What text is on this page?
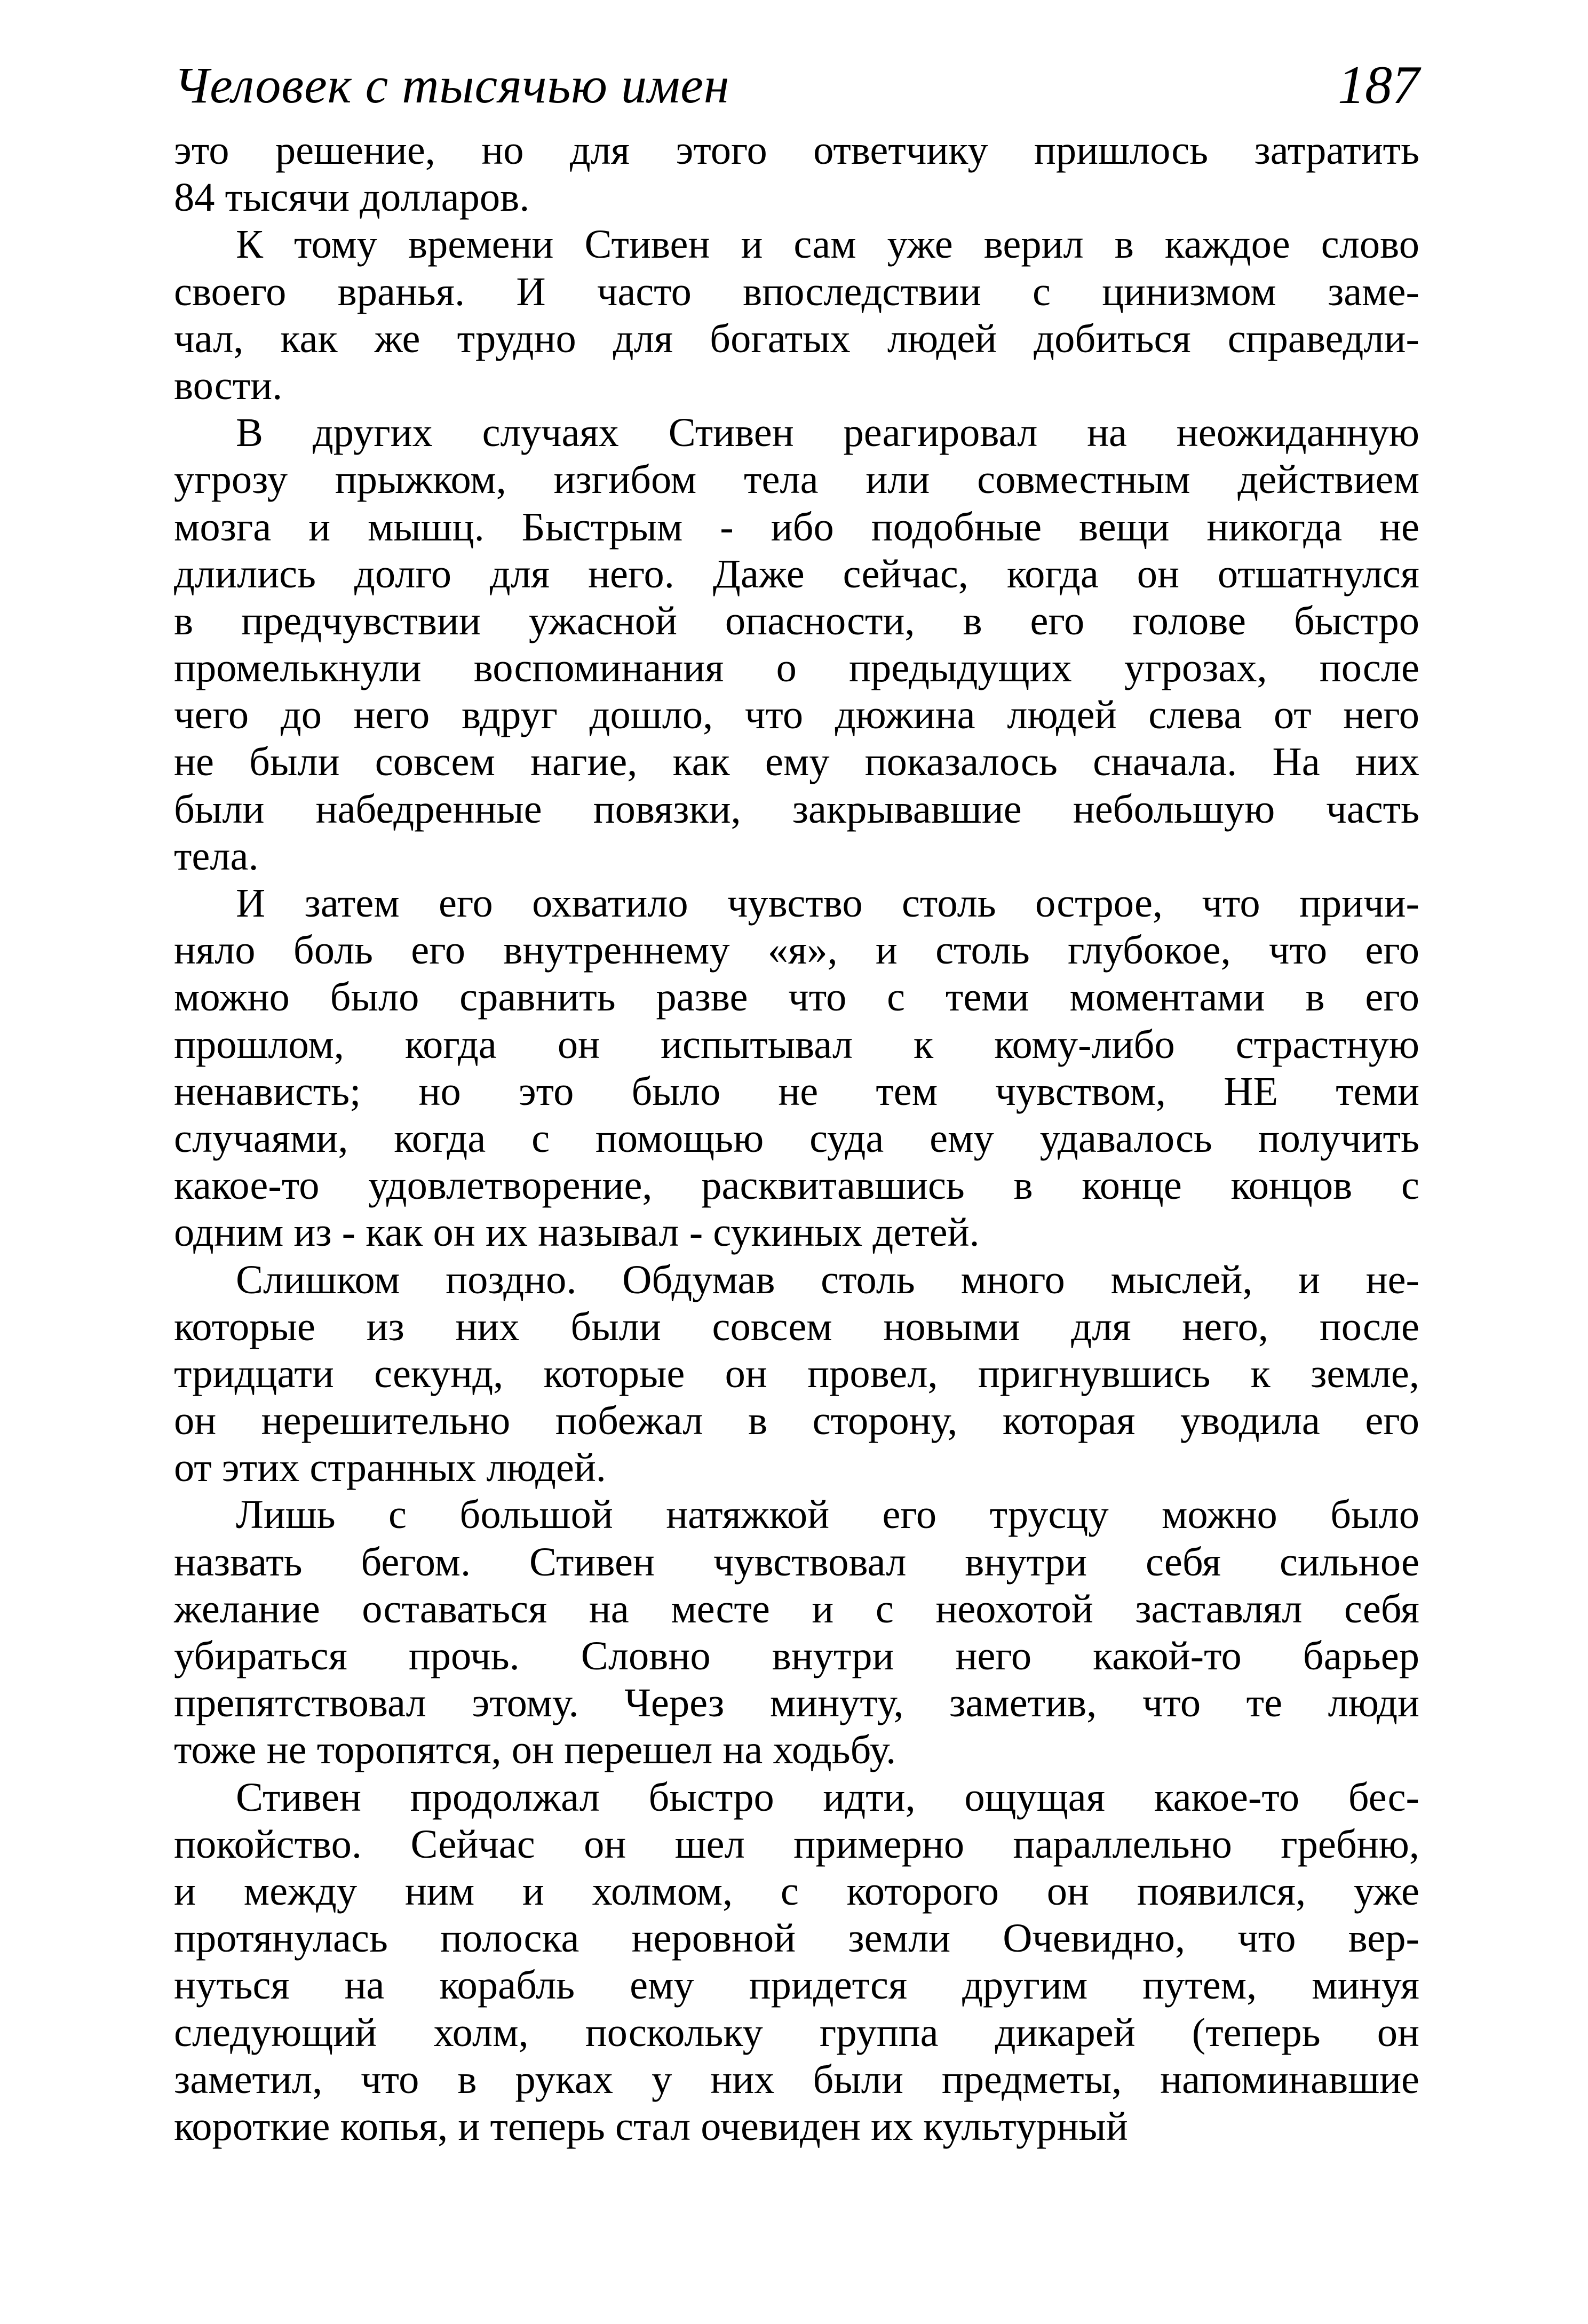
Человек с тысячью имен	187
это решение, но для этого ответчику пришлось затратить
84 тысячи долларов.
К тому времени Стивен и сам уже верил в каждое слово
своего вранья. И часто впоследствии с цинизмом заме-
чал, как же трудно для богатых людей добиться справедли-
вости.
В других случаях Стивен реагировал на неожиданную
угрозу прыжком, изгибом тела или совместным действием
мозга и мышц. Быстрым - ибо подобные вещи никогда не
длились долго для него. Даже сейчас, когда он отшатнулся
в предчувствии ужасной опасности, в его голове быстро
промелькнули воспоминания о предыдущих угрозах, после
чего до него вдруг дошло, что дюжина людей слева от него
не были совсем нагие, как ему показалось сначала. На них
были набедренные повязки, закрывавшие небольшую часть
тела.
И затем его охватило чувство столь острое, что причи-
няло боль его внутреннему «я», и столь глубокое, что его
можно было сравнить разве что с теми моментами в его
прошлом, когда он испытывал к кому-либо страстную
ненависть; но это было не тем чувством, НЕ теми
случаями, когда с помощью суда ему удавалось получить
какое-то удовлетворение, расквитавшись в конце концов с
одним из - как он их называл - сукиных детей.
Слишком поздно. Обдумав столь много мыслей, и не-
которые из них были совсем новыми для него, после
тридцати секунд, которые он провел, пригнувшись к земле,
он нерешительно побежал в сторону, которая уводила его
от этих странных людей.
Лишь с большой натяжкой его трусцу можно было
назвать бегом. Стивен чувствовал внутри себя сильное
желание оставаться на месте и с неохотой заставлял себя
убираться прочь. Словно внутри него какой-то барьер
препятствовал этому. Через минуту, заметив, что те люди
тоже не торопятся, он перешел на ходьбу.
Стивен продолжал быстро идти, ощущая какое-то бес-
покойство. Сейчас он шел примерно параллельно гребню,
и между ним и холмом, с которого он появился, уже
протянулась полоска неровной земли Очевидно, что вер-
нуться на корабль ему придется другим путем, минуя
следующий холм, поскольку группа дикарей (теперь он
заметил, что в руках у них были предметы, напоминавшие
короткие копья, и теперь стал очевиден их культурный
